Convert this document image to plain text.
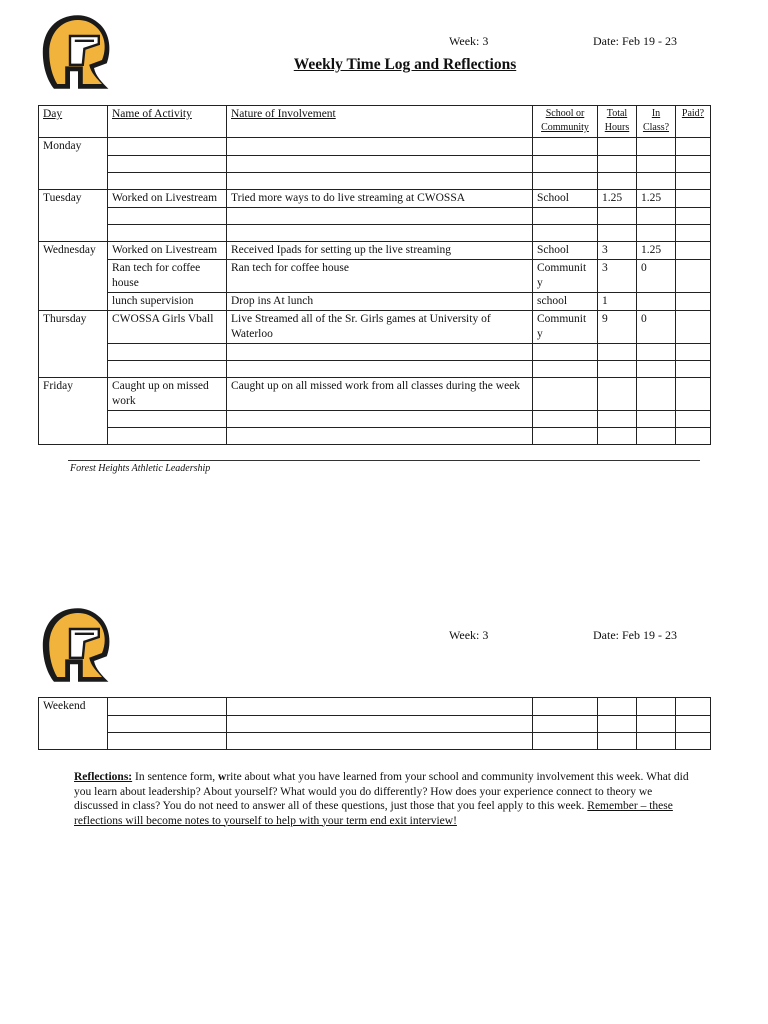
Week: 3	Date: Feb 19 - 23
Weekly Time Log and Reflections
Day	Name of Activity	Nature of Involvement	School or Community	Total Hours	In Class?	Paid?
Monday						

Tuesday	Worked on Livestream	Tried more ways to do live streaming at CWOSSA	School	1.25	1.25	

Wednesday	Worked on Livestream	Received Ipads for setting up the live streaming	School	3	1.25	
	Ran tech for coffee house	Ran tech for coffee house	Communit y	3	0	
	lunch supervision	Drop ins At lunch	school	1		
Thursday	CWOSSA Girls Vball	Live Streamed all of the Sr. Girls games at University of Waterloo	Communit y	9	0	

Friday	Caught up on missed work	Caught up on all missed work from all classes during the week				

Forest Heights Athletic Leadership
Week: 3	Date: Feb 19 - 23
Weekend						

Reflections: In sentence form, write about what you have learned from your school and community involvement this week. What did you learn about leadership? About yourself? What would you do differently? How does your experience connect to theory we discussed in class? You do not need to answer all of these questions, just those that you feel apply to this week. Remember – these reflections will become notes to yourself to help with your term end exit interview!
